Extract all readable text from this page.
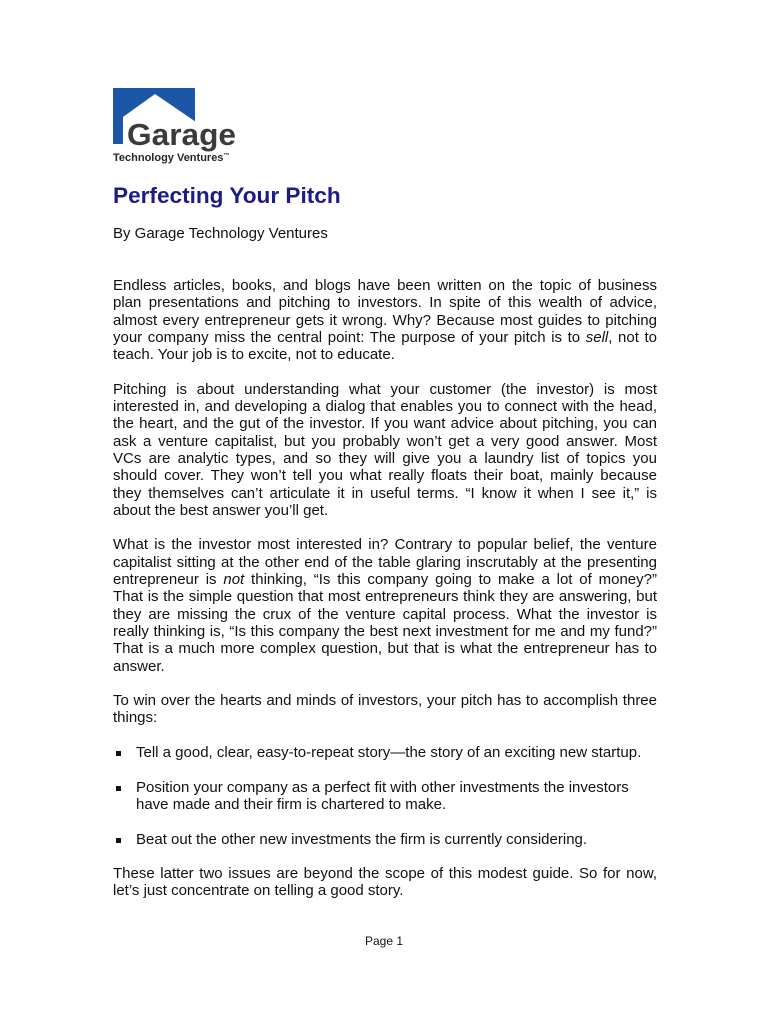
Garage
Technology Ventures™
Perfecting Your Pitch
By Garage Technology Ventures
Endless articles, books, and blogs have been written on the topic of business
plan presentations and pitching to investors. In spite of this wealth of advice,
almost every entrepreneur gets it wrong. Why? Because most guides to pitching
your company miss the central point: The purpose of your pitch is to sell, not to
teach. Your job is to excite, not to educate.
Pitching is about understanding what your customer (the investor) is most
interested in, and developing a dialog that enables you to connect with the head,
the heart, and the gut of the investor. If you want advice about pitching, you can
ask a venture capitalist, but you probably won’t get a very good answer. Most
VCs are analytic types, and so they will give you a laundry list of topics you
should cover. They won’t tell you what really floats their boat, mainly because
they themselves can’t articulate it in useful terms. “I know it when I see it,” is
about the best answer you’ll get.
What is the investor most interested in? Contrary to popular belief, the venture
capitalist sitting at the other end of the table glaring inscrutably at the presenting
entrepreneur is not thinking, “Is this company going to make a lot of money?”
That is the simple question that most entrepreneurs think they are answering, but
they are missing the crux of the venture capital process. What the investor is
really thinking is, “Is this company the best next investment for me and my fund?”
That is a much more complex question, but that is what the entrepreneur has to
answer.
To win over the hearts and minds of investors, your pitch has to accomplish three
things:
Tell a good, clear, easy-to-repeat story—the story of an exciting new startup.
Position your company as a perfect fit with other investments the investors
have made and their firm is chartered to make.
Beat out the other new investments the firm is currently considering.
These latter two issues are beyond the scope of this modest guide. So for now,
let’s just concentrate on telling a good story.
Page 1
